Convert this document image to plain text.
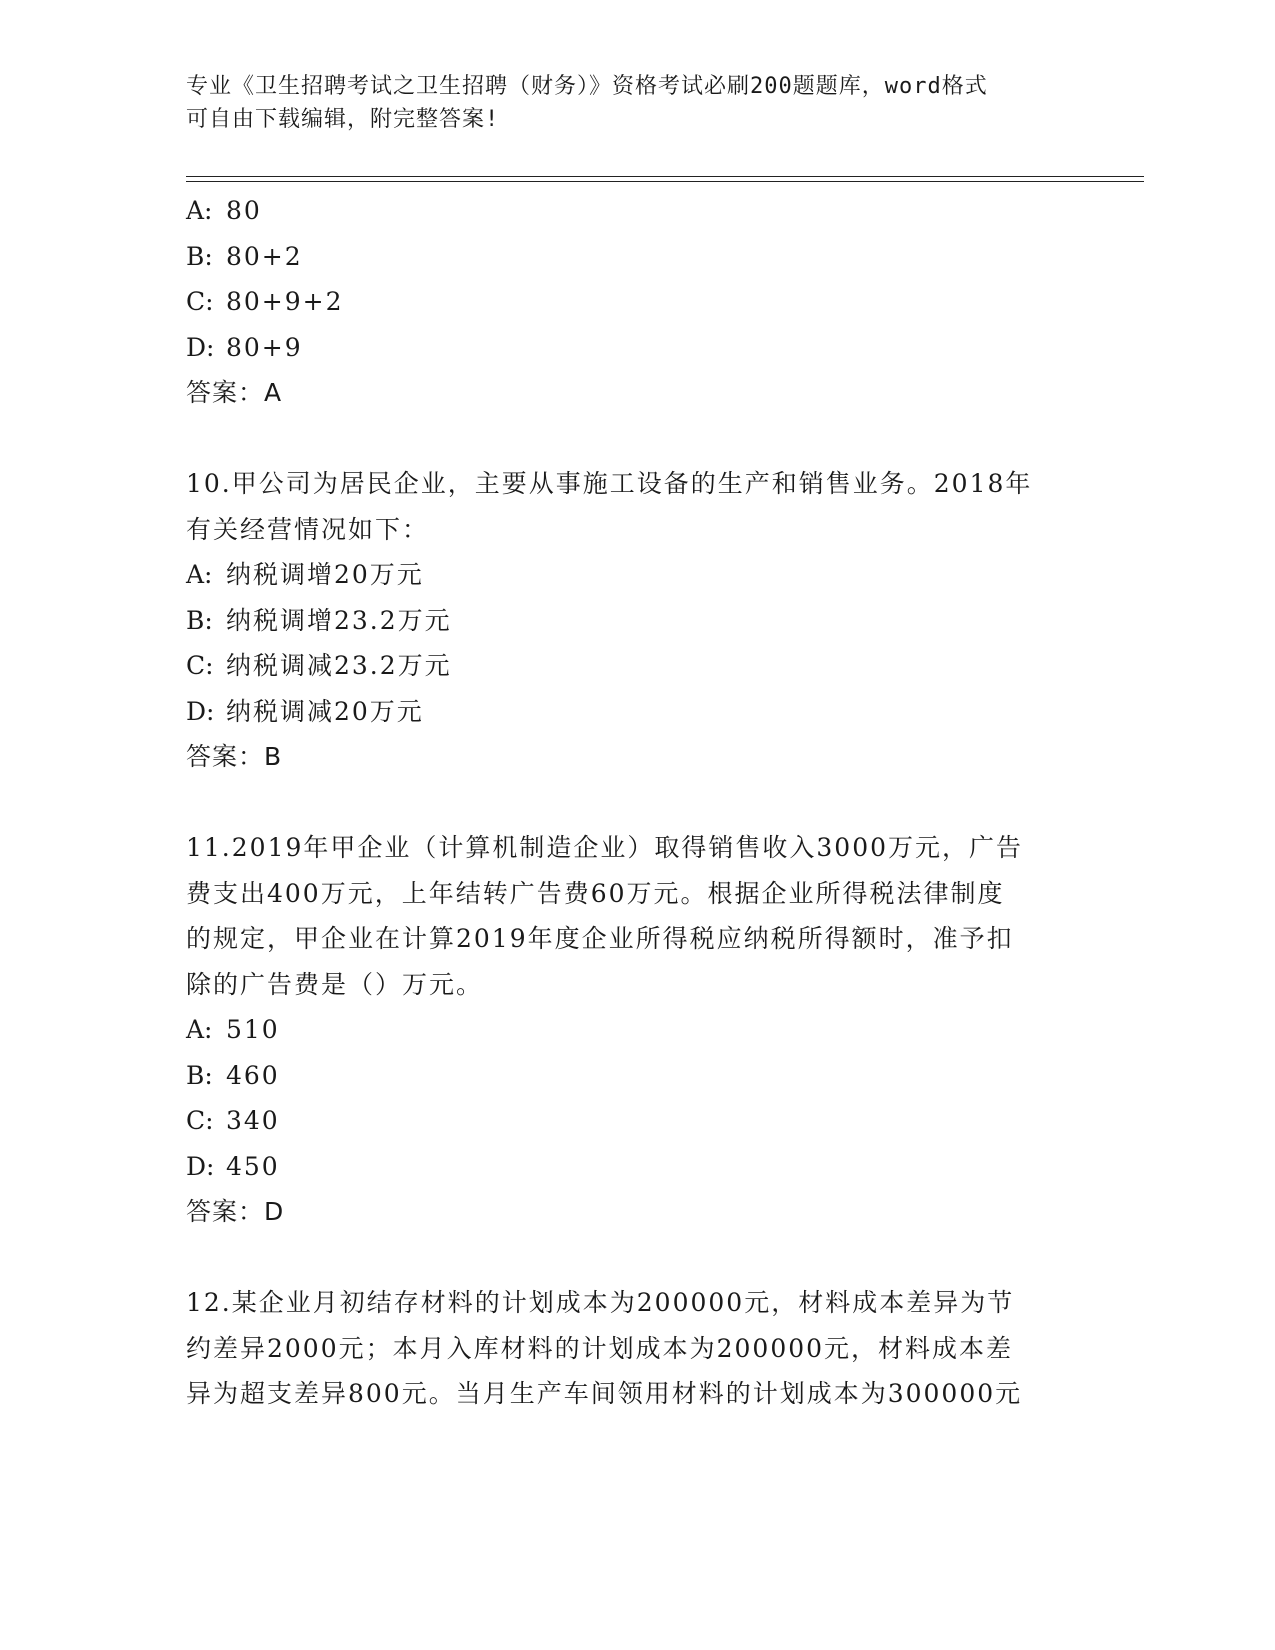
专业《卫生招聘考试之卫生招聘（财务）》资格考试必刷200题题库，word格式
可自由下载编辑，附完整答案!
A: 80
B: 80+2
C: 80+9+2
D: 80+9
答案：A
10.甲公司为居民企业，主要从事施工设备的生产和销售业务。2018年
有关经营情况如下：
A: 纳税调增20万元
B: 纳税调增23.2万元
C: 纳税调减23.2万元
D: 纳税调减20万元
答案：B
11.2019年甲企业（计算机制造企业）取得销售收入3000万元，广告
费支出400万元，上年结转广告费60万元。根据企业所得税法律制度
的规定，甲企业在计算2019年度企业所得税应纳税所得额时，准予扣
除的广告费是（）万元。
A: 510
B: 460
C: 340
D: 450
答案：D
12.某企业月初结存材料的计划成本为200000元，材料成本差异为节
约差异2000元；本月入库材料的计划成本为200000元，材料成本差
异为超支差异800元。当月生产车间领用材料的计划成本为300000元
